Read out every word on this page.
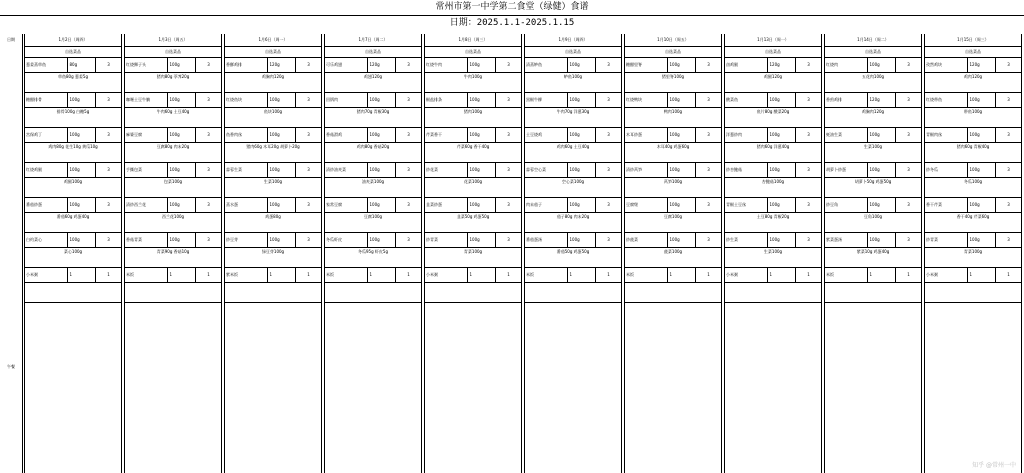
常州市第一中学第二食堂（绿健）食谱
日期：2025.1.1-2025.1.15
日期
午餐
1月2日（周四）
自选菜品
葱姜蒸草鱼	80g	3
草鱼80g 葱姜5g
糖醋排骨	100g	3
排骨100g 白糖5g
宫保鸡丁	100g	3
鸡肉80g 花生10g 黄瓜10g
红烧鸡腿	100g	3
鸡腿100g
番茄炒蛋	100g	3
番茄60g 鸡蛋40g
白灼菜心	100g	3
菜心100g
小米粥	1	1
1月3日（周五）
自选菜品
红烧狮子头	100g	3
猪肉80g 荸荠20g
咖喱土豆牛腩	100g	3
牛肉60g 土豆40g
麻婆豆腐	100g	3
豆腐80g 肉末20g
手撕包菜	100g	3
包菜100g
清炒西兰花	100g	3
西兰花100g
香菇青菜	100g	3
青菜90g 香菇10g
米饭	1	1
1月6日（周一）
自选菜品
香酥鸡排	120g	3
鸡胸肉120g
红烧鱼块	100g	3
鱼块100g
鱼香肉丝	100g	3
猪肉60g 木耳20g 胡萝卜20g
蒜蓉生菜	100g	3
生菜100g
蒸水蛋	100g	3
鸡蛋80g
炒豆芽	100g	3
绿豆芽100g
紫米饭	1	1
1月7日（周二）
自选菜品
可乐鸡翅	120g	3
鸡翅120g
回锅肉	100g	3
猪肉70g 青椒30g
香菇滑鸡	100g	3
鸡肉80g 香菇20g
清炒油麦菜	100g	3
油麦菜100g
家常豆腐	100g	3
豆腐100g
冬瓜虾皮	100g	3
冬瓜95g 虾皮5g
米饭	1	1
1月8日（周三）
自选菜品
红烧牛肉	100g	3
牛肉100g
椒盐排条	100g	3
猪肉100g
芹菜香干	100g	3
芹菜60g 香干40g
炒花菜	100g	3
花菜100g
韭菜炒蛋	100g	3
韭菜50g 鸡蛋50g
炒青菜	100g	3
青菜100g
小米粥	1	1
1月9日（周四）
自选菜品
清蒸鲈鱼	100g	3
鲈鱼100g
黑椒牛柳	100g	3
牛肉70g 洋葱30g
土豆烧鸡	100g	3
鸡肉60g 土豆40g
蒜蓉空心菜	100g	3
空心菜100g
肉末茄子	100g	3
茄子80g 肉末20g
番茄蛋汤	100g	3
番茄50g 鸡蛋50g
米饭	1	1
1月10日（周五）
自选菜品
糖醋里脊	100g	3
猪里脊100g
红烧鸭块	100g	3
鸭肉100g
木耳炒蛋	100g	3
木耳40g 鸡蛋60g
清炒莴笋	100g	3
莴笋100g
豆腐煲	100g	3
豆腐100g
炒菠菜	100g	3
菠菜100g
米饭	1	1
1月13日（周一）
自选菜品
卤鸡腿	120g	3
鸡腿120g
酸菜鱼	100g	3
鱼片80g 酸菜20g
洋葱炒肉	100g	3
猪肉60g 洋葱40g
炒杏鲍菇	100g	3
杏鲍菇100g
青椒土豆丝	100g	3
土豆80g 青椒20g
炒生菜	100g	3
生菜100g
小米粥	1	1
1月14日（周二）
自选菜品
红烧肉	100g	3
五花肉100g
香煎鸡排	120g	3
鸡胸肉120g
蚝油生菜	100g	3
生菜100g
胡萝卜炒蛋	100g	3
胡萝卜50g 鸡蛋50g
炒豆角	100g	3
豆角100g
紫菜蛋汤	100g	3
紫菜10g 鸡蛋40g
米饭	1	1
1月15日（周三）
自选菜品
孜然鸡块	120g	3
鸡肉120g
红烧带鱼	100g	3
带鱼100g
青椒肉丝	100g	3
猪肉60g 青椒40g
炒冬瓜	100g	3
冬瓜100g
香干芹菜	100g	3
香干40g 芹菜60g
炒青菜	100g	3
青菜100g
小米粥	1	1
知乎 @常州一中
